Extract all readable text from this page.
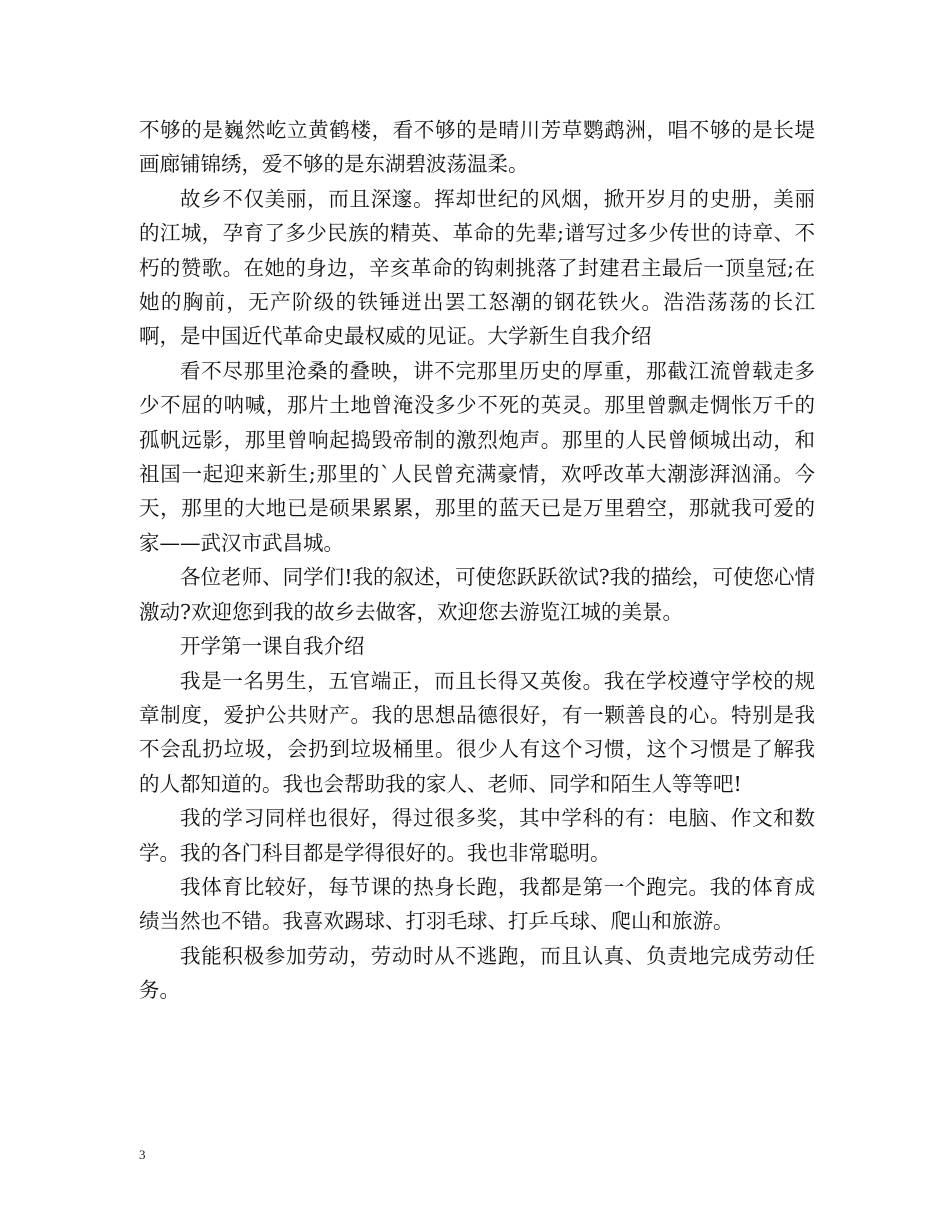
不够的是巍然屹立黄鹤楼，看不够的是晴川芳草鹦鹉洲，唱不够的是长堤画廊铺锦绣，爱不够的是东湖碧波荡温柔。

故乡不仅美丽，而且深邃。挥却世纪的风烟，掀开岁月的史册，美丽的江城，孕育了多少民族的精英、革命的先辈;谱写过多少传世的诗章、不朽的赞歌。在她的身边，辛亥革命的钩刺挑落了封建君主最后一顶皇冠;在她的胸前，无产阶级的铁锤迸出罢工怒潮的钢花铁火。浩浩荡荡的长江啊，是中国近代革命史最权威的见证。大学新生自我介绍

看不尽那里沧桑的叠映，讲不完那里历史的厚重，那截江流曾载走多少不屈的呐喊，那片土地曾淹没多少不死的英灵。那里曾飘走惆怅万千的孤帆远影，那里曾响起捣毁帝制的激烈炮声。那里的人民曾倾城出动，和祖国一起迎来新生;那里的`人民曾充满豪情，欢呼改革大潮澎湃汹涌。今天，那里的大地已是硕果累累，那里的蓝天已是万里碧空，那就我可爱的家——武汉市武昌城。

各位老师、同学们!我的叙述，可使您跃跃欲试?我的描绘，可使您心情激动?欢迎您到我的故乡去做客，欢迎您去游览江城的美景。

开学第一课自我介绍

我是一名男生，五官端正，而且长得又英俊。我在学校遵守学校的规章制度，爱护公共财产。我的思想品德很好，有一颗善良的心。特别是我不会乱扔垃圾，会扔到垃圾桶里。很少人有这个习惯，这个习惯是了解我的人都知道的。我也会帮助我的家人、老师、同学和陌生人等等吧!

我的学习同样也很好，得过很多奖，其中学科的有：电脑、作文和数学。我的各门科目都是学得很好的。我也非常聪明。

我体育比较好，每节课的热身长跑，我都是第一个跑完。我的体育成绩当然也不错。我喜欢踢球、打羽毛球、打乒乓球、爬山和旅游。

我能积极参加劳动，劳动时从不逃跑，而且认真、负责地完成劳动任务。

3
